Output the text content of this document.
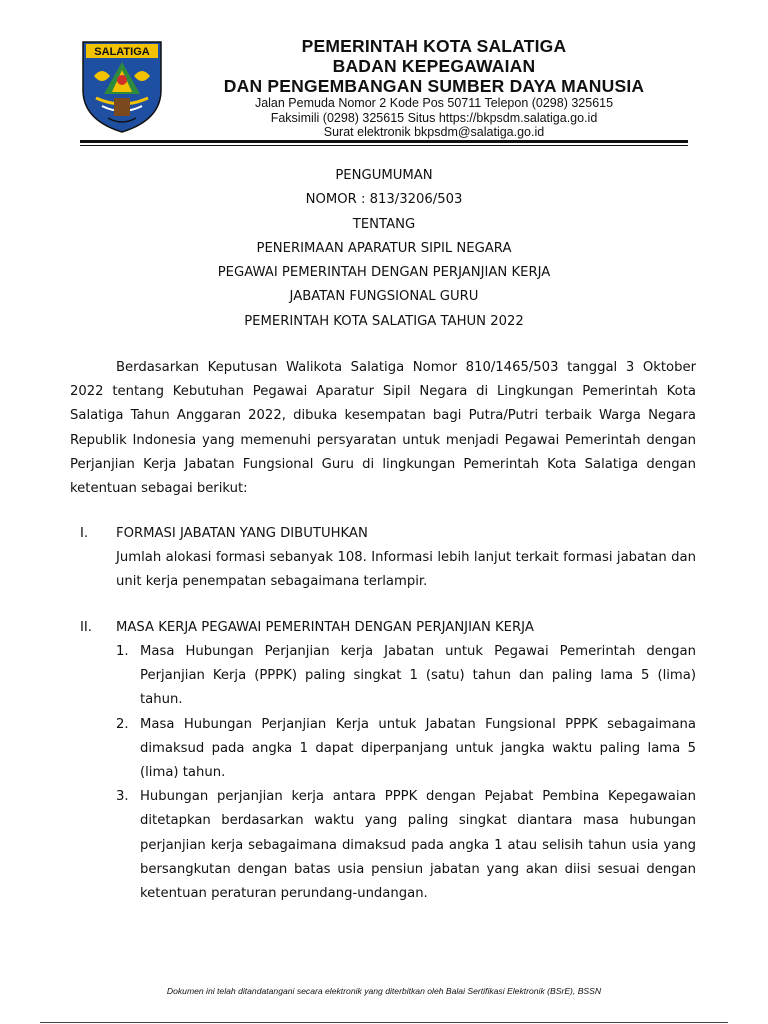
SALATIGA	PEMERINTAH KOTA SALATIGA
BADAN KEPEGAWAIAN
DAN PENGEMBANGAN SUMBER DAYA MANUSIA
Jalan Pemuda Nomor 2 Kode Pos 50711 Telepon (0298) 325615
Faksimili (0298) 325615 Situs https://bkpsdm.salatiga.go.id
Surat elektronik bkpsdm@salatiga.go.id
PENGUMUMAN
NOMOR : 813/3206/503
TENTANG
PENERIMAAN APARATUR SIPIL NEGARA
PEGAWAI PEMERINTAH DENGAN PERJANJIAN KERJA
JABATAN FUNGSIONAL GURU
PEMERINTAH KOTA SALATIGA TAHUN 2022
Berdasarkan Keputusan Walikota Salatiga Nomor 810/1465/503 tanggal 3 Oktober 2022 tentang Kebutuhan Pegawai Aparatur Sipil Negara di Lingkungan Pemerintah Kota Salatiga Tahun Anggaran 2022, dibuka kesempatan bagi Putra/Putri terbaik Warga Negara Republik Indonesia yang memenuhi persyaratan untuk menjadi Pegawai Pemerintah dengan Perjanjian Kerja Jabatan Fungsional Guru di lingkungan Pemerintah Kota Salatiga dengan ketentuan sebagai berikut:
I. FORMASI JABATAN YANG DIBUTUHKAN
Jumlah alokasi formasi sebanyak 108. Informasi lebih lanjut terkait formasi jabatan dan unit kerja penempatan sebagaimana terlampir.
II. MASA KERJA PEGAWAI PEMERINTAH DENGAN PERJANJIAN KERJA
1. Masa Hubungan Perjanjian kerja Jabatan untuk Pegawai Pemerintah dengan Perjanjian Kerja (PPPK) paling singkat 1 (satu) tahun dan paling lama 5 (lima) tahun.
2. Masa Hubungan Perjanjian Kerja untuk Jabatan Fungsional PPPK sebagaimana dimaksud pada angka 1 dapat diperpanjang untuk jangka waktu paling lama 5 (lima) tahun.
3. Hubungan perjanjian kerja antara PPPK dengan Pejabat Pembina Kepegawaian ditetapkan berdasarkan waktu yang paling singkat diantara masa hubungan perjanjian kerja sebagaimana dimaksud pada angka 1 atau selisih tahun usia yang bersangkutan dengan batas usia pensiun jabatan yang akan diisi sesuai dengan ketentuan peraturan perundang-undangan.
Dokumen ini telah ditandatangani secara elektronik yang diterbitkan oleh Balai Sertifikasi Elektronik (BSrE), BSSN
